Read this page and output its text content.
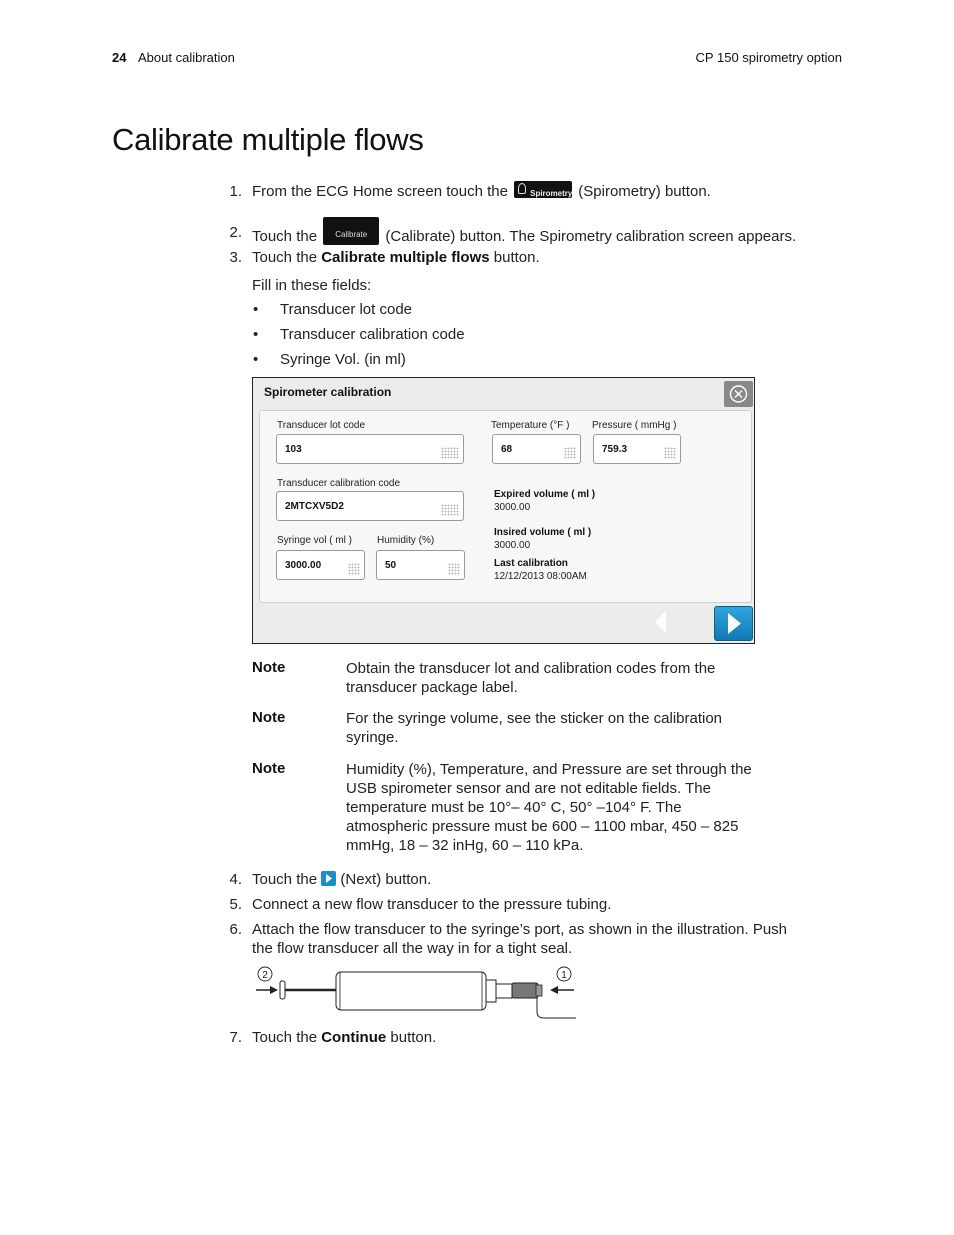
24 About calibration	CP 150 spirometry option
Calibrate multiple flows
1. From the ECG Home screen touch the	Spirometry (Spirometry) button.
2. Touch the Calibrate (Calibrate) button. The Spirometry calibration screen appears.
3. Touch the Calibrate multiple flows button.
Fill in these fields:
• Transducer lot code
• Transducer calibration code
• Syringe Vol. (in ml)
Spirometer calibration
Transducer lot code
103
Transducer calibration code
2MTCXV5D2
Syringe vol ( ml )
3000.00
Humidity (%)
50
Temperature (°F )
68
Pressure ( mmHg )
759.3
Expired volume ( ml )
3000.00
Insired volume ( ml )
3000.00
Last calibration
12/12/2013 08:00AM
Note	Obtain the transducer lot and calibration codes from the transducer package label.
Note	For the syringe volume, see the sticker on the calibration syringe.
Note	Humidity (%), Temperature, and Pressure are set through the USB spirometer sensor and are not editable fields. The temperature must be 10°– 40° C, 50° –104° F. The atmospheric pressure must be 600 – 1100 mbar, 450 – 825 mmHg, 18 – 32 inHg, 60 – 110 kPa.
4. Touch the (Next) button.
5. Connect a new flow transducer to the pressure tubing.
6. Attach the flow transducer to the syringe’s port, as shown in the illustration. Push
the flow transducer all the way in for a tight seal.
2	1
7. Touch the Continue button.
